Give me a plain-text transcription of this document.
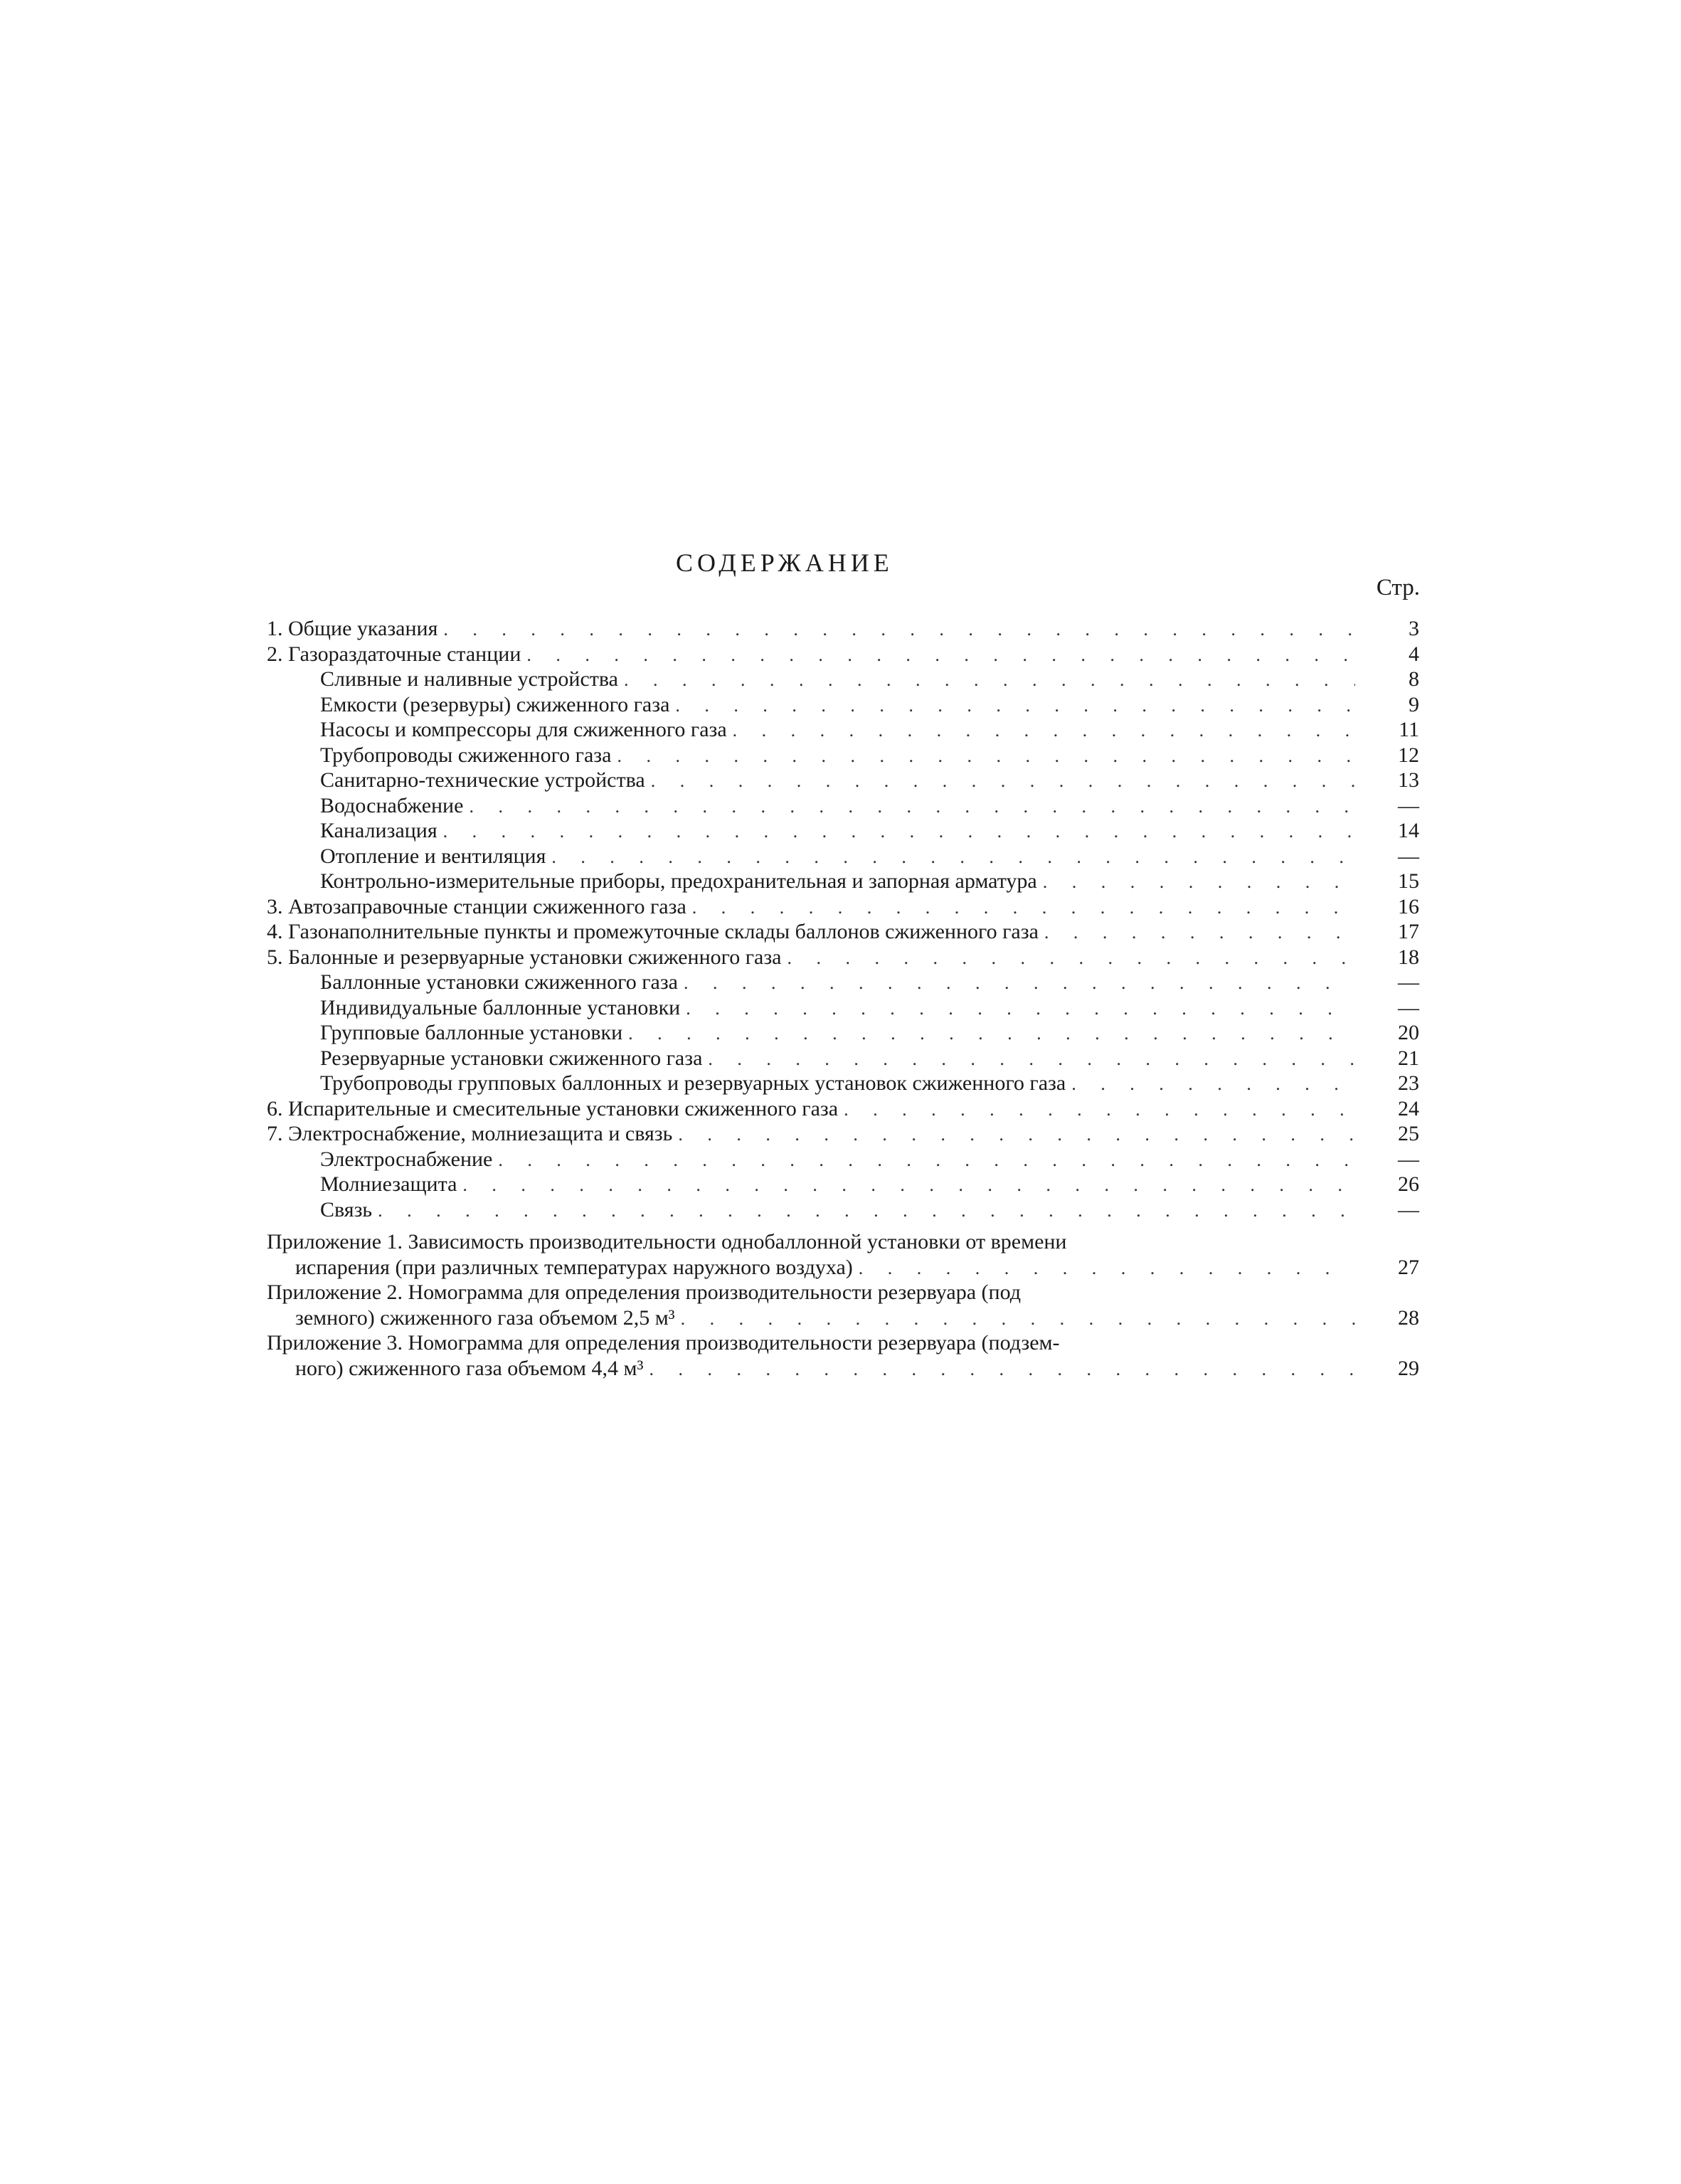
СОДЕРЖАНИЕ
Стр.
1. Общие указания . . .	3
2. Газораздаточные станции . . .	4
Сливные и наливные устройства . . .	8
Емкости (резервуры) сжиженного газа . . .	9
Насосы и компрессоры для сжиженного газа . . .	11
Трубопроводы сжиженного газа . . .	12
Санитарно-технические устройства . . .	13
Водоснабжение . . .	—
Канализация . . .	14
Отопление и вентиляция . . .	—
Контрольно-измерительные приборы, предохранительная и запорная арматура . . .	15
3. Автозаправочные станции сжиженного газа . . .	16
4. Газонаполнительные пункты и промежуточные склады баллонов сжиженного газа . . .	17
5. Балонные и резервуарные установки сжиженного газа . . .	18
Баллонные установки сжиженного газа . . .	—
Индивидуальные баллонные установки . . .	—
Групповые баллонные установки . . .	20
Резервуарные установки сжиженного газа . . .	21
Трубопроводы групповых баллонных и резервуарных установок сжиженного газа . . .	23
6. Испарительные и смесительные установки сжиженного газа . . .	24
7. Электроснабжение, молниезащита и связь . . .	25
Электроснабжение . . .	—
Молниезащита . . .	26
Связь . . .	—
Приложение 1. Зависимость производительности однобаллонной установки от времени
испарения (при различных температурах наружного воздуха) . . .	27
Приложение 2. Номограмма для определения производительности резервуара (под
земного) сжиженного газа объемом 2,5 м³ . . .	28
Приложение 3. Номограмма для определения производительности резервуара (подзем-
ного) сжиженного газа объемом 4,4 м³ . . .	29
